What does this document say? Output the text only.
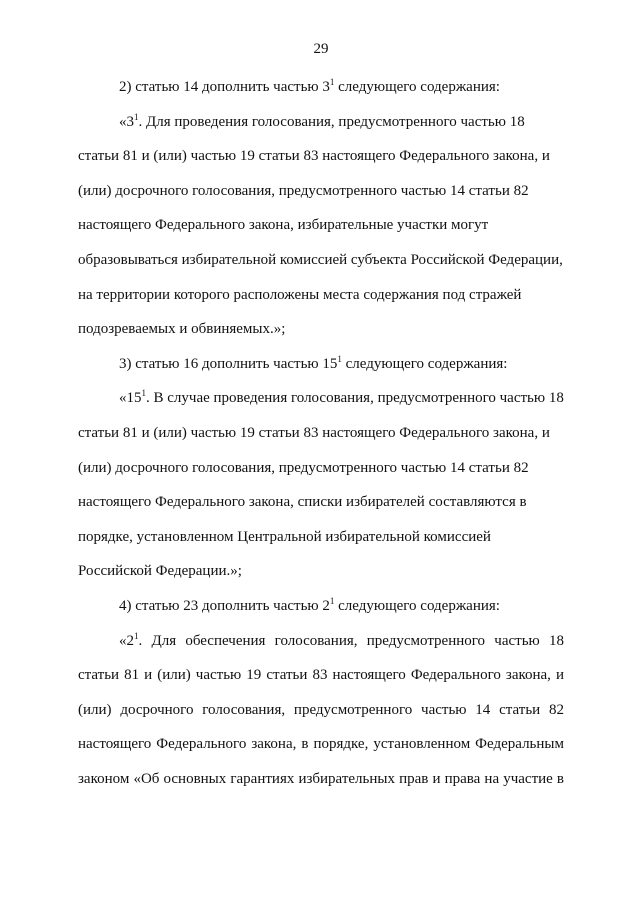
29

2) статью 14 дополнить частью $3^1$ следующего содержания:

«$3^1$. Для проведения голосования, предусмотренного частью 18 статьи 81 и (или) частью 19 статьи 83 настоящего Федерального закона, и (или) досрочного голосования, предусмотренного частью 14 статьи 82 настоящего Федерального закона, избирательные участки могут образовываться избирательной комиссией субъекта Российской Федерации, на территории которого расположены места содержания под стражей подозреваемых и обвиняемых.»;

3) статью 16 дополнить частью $15^1$ следующего содержания:

«$15^1$. В случае проведения голосования, предусмотренного частью 18 статьи 81 и (или) частью 19 статьи 83 настоящего Федерального закона, и (или) досрочного голосования, предусмотренного частью 14 статьи 82 настоящего Федерального закона, списки избирателей составляются в порядке, установленном Центральной избирательной комиссией Российской Федерации.»;

4) статью 23 дополнить частью $2^1$ следующего содержания:

«$2^1$. Для обеспечения голосования, предусмотренного частью 18 статьи 81 и (или) частью 19 статьи 83 настоящего Федерального закона, и (или) досрочного голосования, предусмотренного частью 14 статьи 82 настоящего Федерального закона, в порядке, установленном Федеральным законом «Об основных гарантиях избирательных прав и права на участие в
